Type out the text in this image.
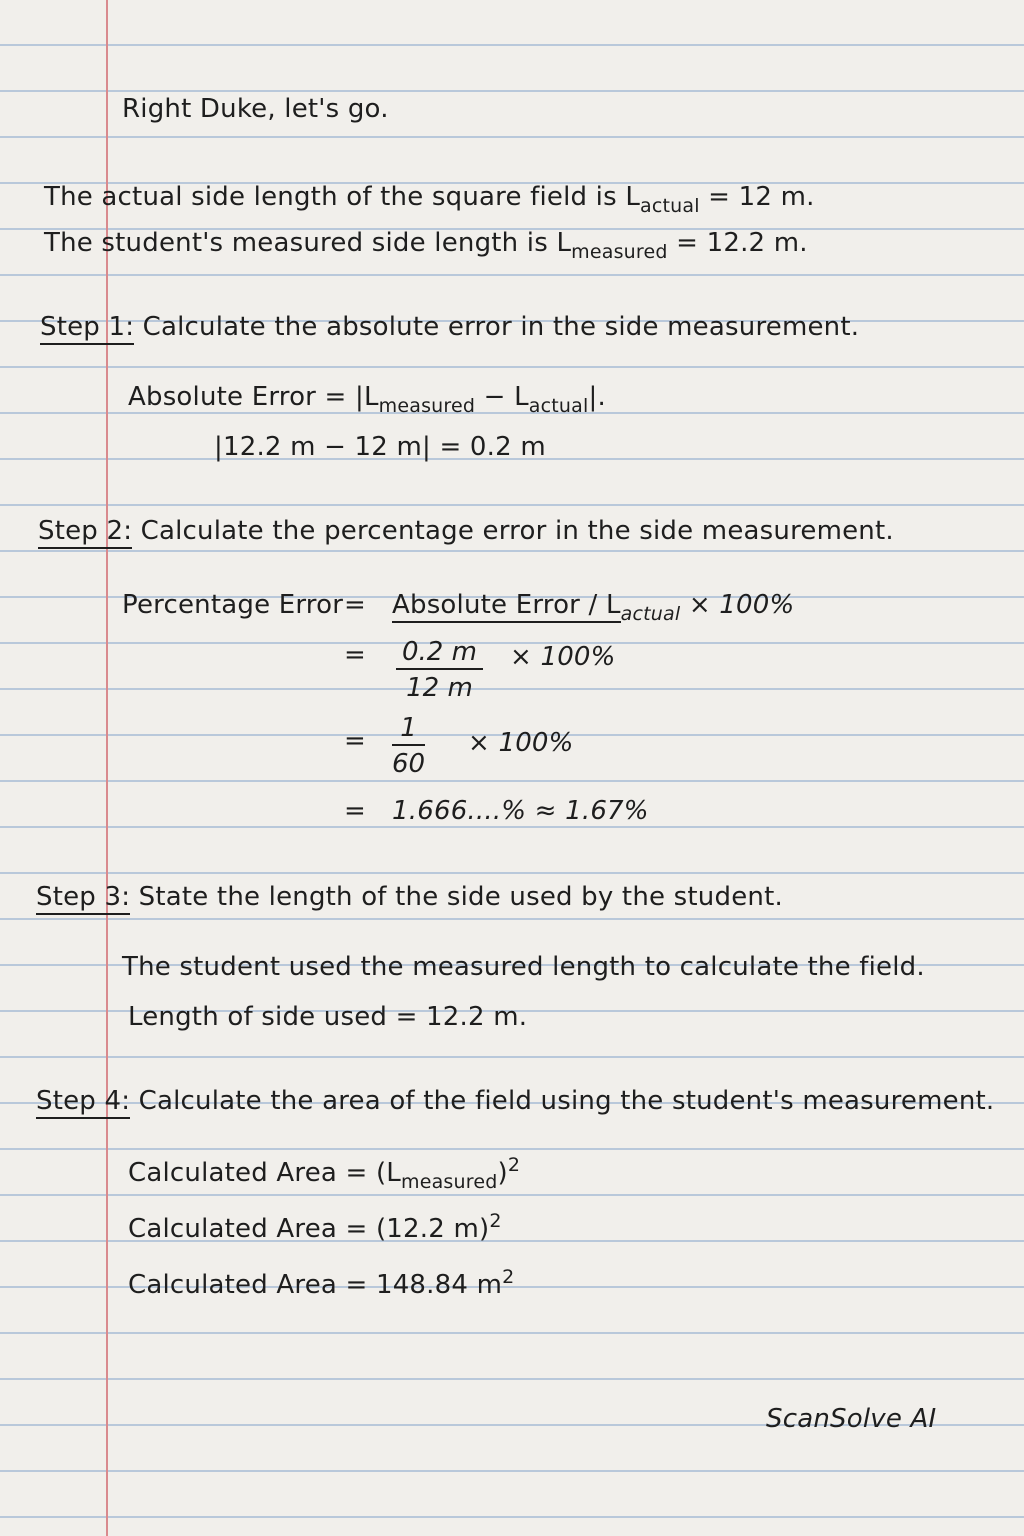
Right Duke, let's go.
The actual side length of the square field is $L_{actual} = 12$ m.
The student's measured side length is $L_{measured} = 12.2$ m.
Step 1: Calculate the absolute error in the side measurement.
Absolute Error = $|L_{measured} - L_{actual}|$.
|12.2 m − 12 m| = 0.2 m
Step 2: Calculate the percentage error in the side measurement.
Percentage Error = Absolute Error / $L_{actual} \times 100\%$
= $\frac{0.2 m}{12 m} \times 100\%$
= $\frac{1}{60} \times 100\%$
= 1.666....% ≈ 1.67%
Step 3: State the length of the side used by the student.
The student used the measured length to calculate the field.
Length of side used = 12.2 m.
Step 4: Calculate the area of the field using the student's measurement.
Calculated Area = $(L_{measured})^2$
Calculated Area = (12.2 m)$^2$
Calculated Area = 148.84 $m^2$
ScanSolve AI
